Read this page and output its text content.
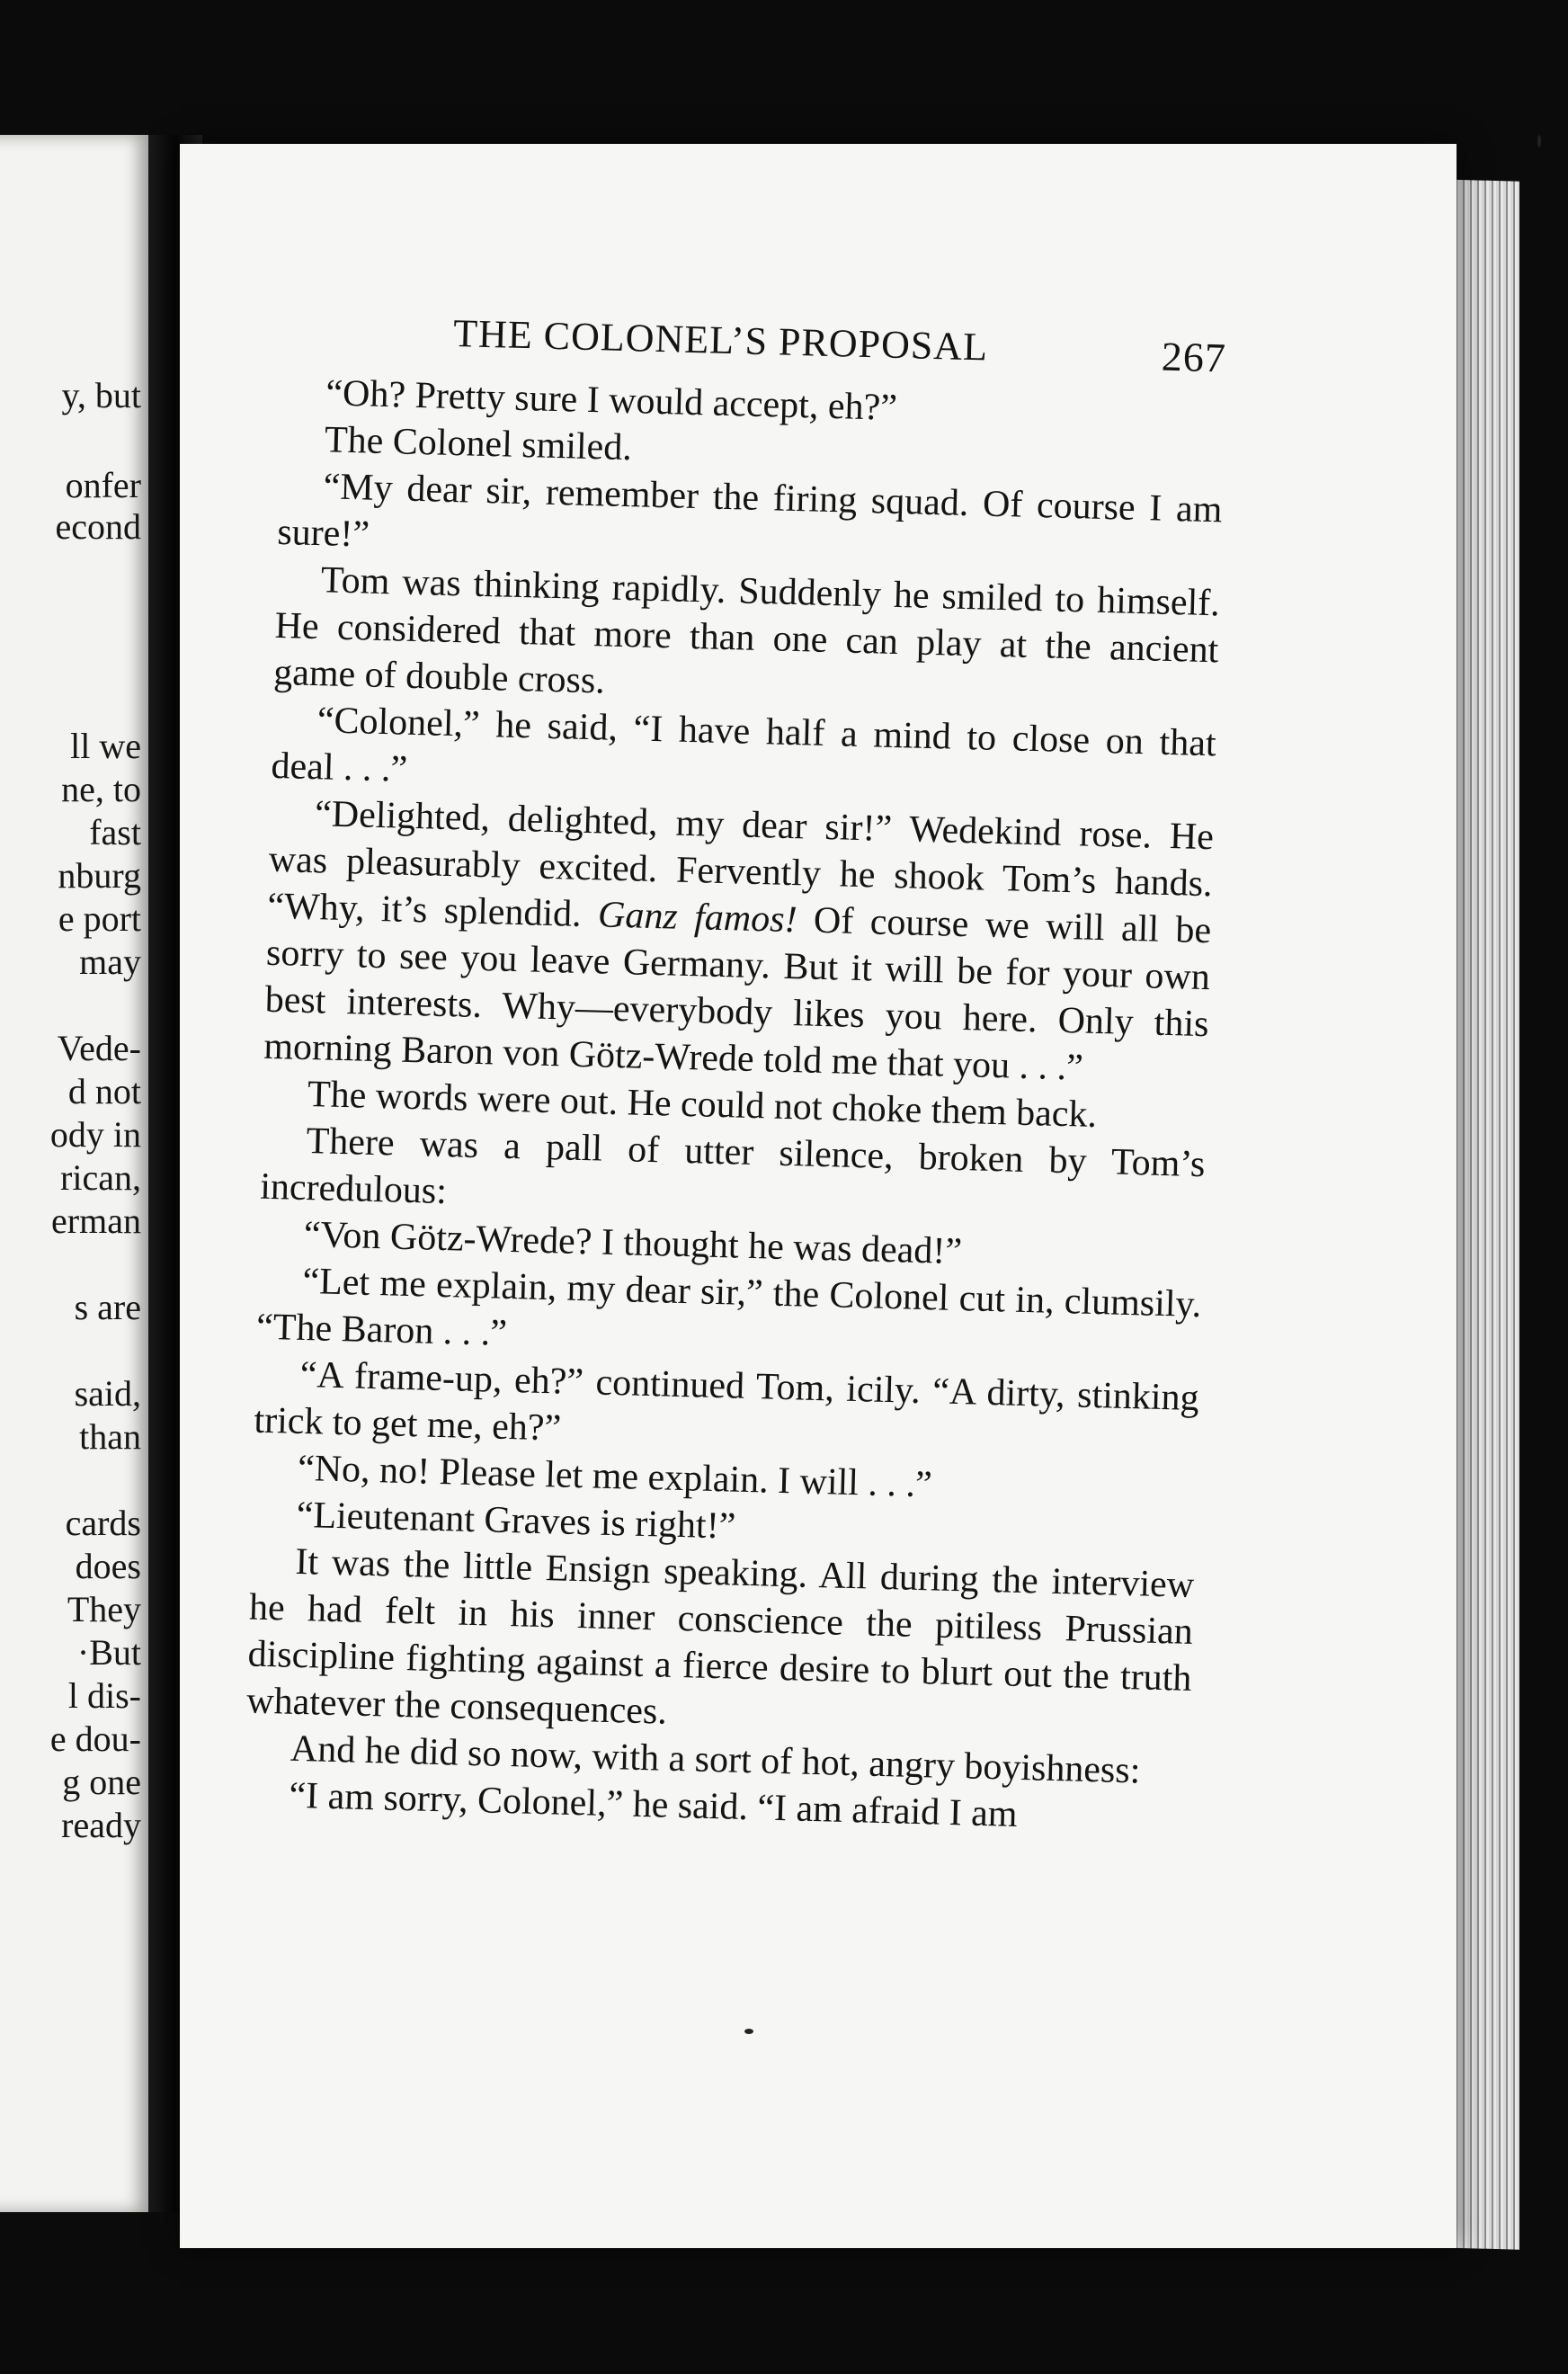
y, but
onfer
econd
ll we
ne, to
fast
nburg
e port
may
Vede-
d not
ody in
rican,
erman
s are
said,
than
cards
does
They
·But
l dis-
e dou-
g one
ready
THE COLONEL’S PROPOSAL	267

“Oh? Pretty sure I would accept, eh?”

The Colonel smiled.

“My dear sir, remember the firing squad. Of course I am sure!”

Tom was thinking rapidly. Suddenly he smiled to himself. He considered that more than one can play at the ancient game of double cross.

“Colonel,” he said, “I have half a mind to close on that deal . . .”

“Delighted, delighted, my dear sir!” Wedekind rose. He was pleasurably excited. Fervently he shook Tom’s hands. “Why, it’s splendid. Ganz famos! Of course we will all be sorry to see you leave Germany. But it will be for your own best interests. Why—everybody likes you here. Only this morning Baron von Götz-Wrede told me that you . . .”

The words were out. He could not choke them back.

There was a pall of utter silence, broken by Tom’s incredulous:

“Von Götz-Wrede? I thought he was dead!”

“Let me explain, my dear sir,” the Colonel cut in, clumsily. “The Baron . . .”

“A frame-up, eh?” continued Tom, icily. “A dirty, stinking trick to get me, eh?”

“No, no! Please let me explain. I will . . .”

“Lieutenant Graves is right!”

It was the little Ensign speaking. All during the interview he had felt in his inner conscience the pitiless Prussian discipline fighting against a fierce desire to blurt out the truth whatever the consequences.

And he did so now, with a sort of hot, angry boyishness:

“I am sorry, Colonel,” he said. “I am afraid I am
